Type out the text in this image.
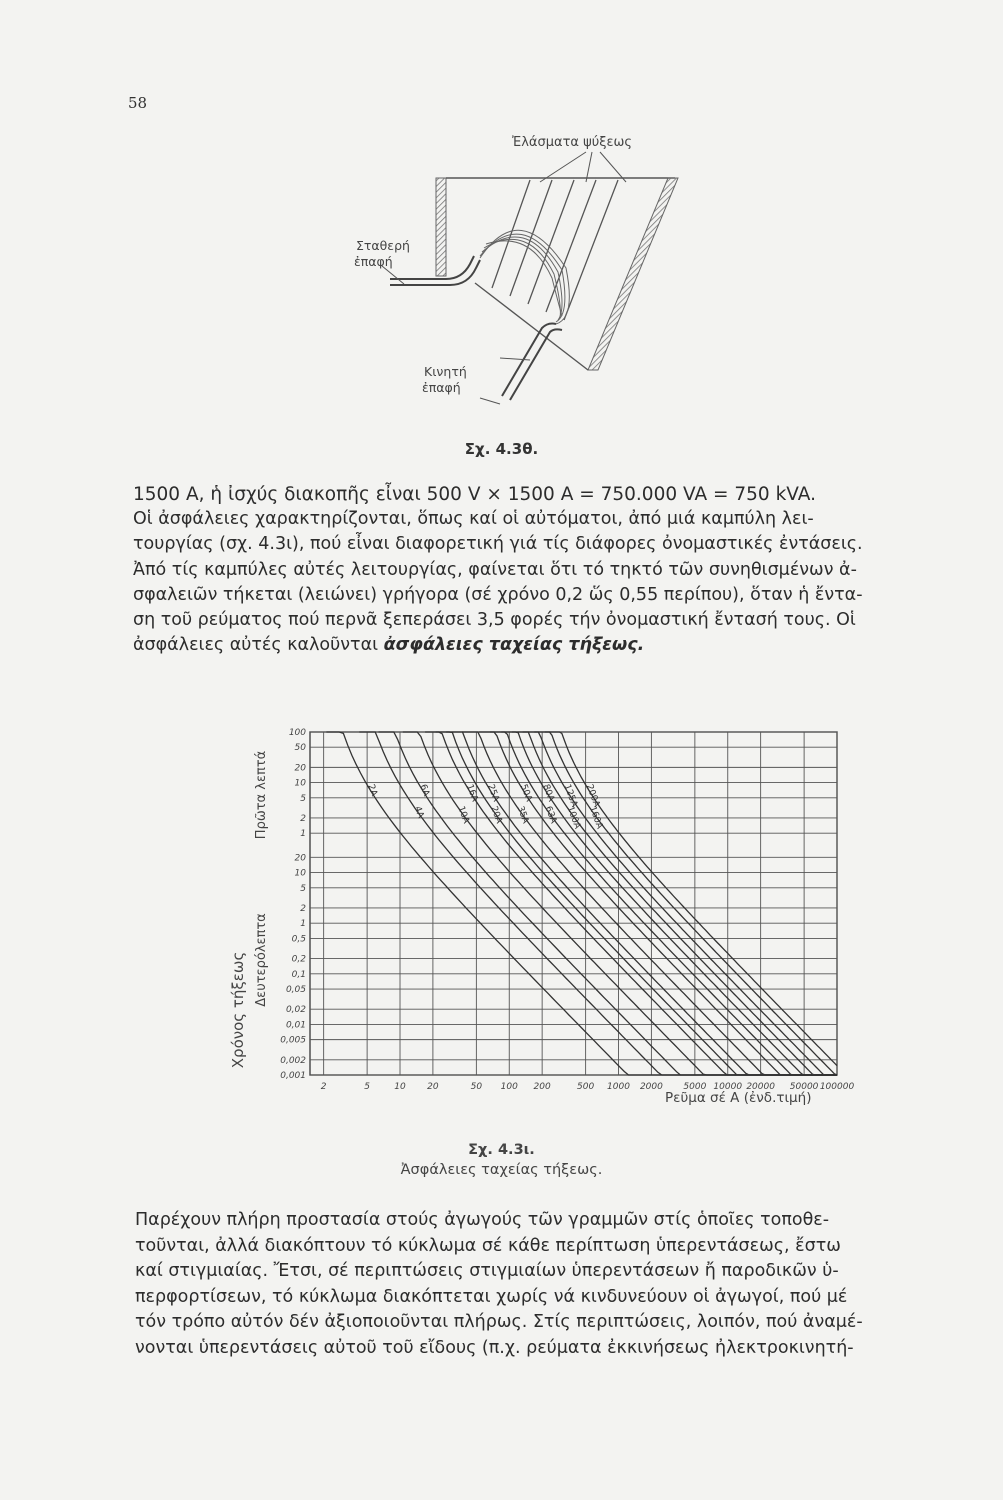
58
Ἐλάσματα ψύξεως
Σταθερή
ἐπαφή
Κινητή
ἐπαφή
Σχ. 4.3θ.
1500 A, ἡ ἰσχύς διακοπῆς εἶναι 500 V × 1500 A = 750.000 VA = 750 kVA.
Οἱ ἀσφάλειες χαρακτηρίζονται, ὅπως καί οἱ αὐτόματοι, ἀπό μιά καμπύλη λει-
τουργίας (σχ. 4.3ι), πού εἶναι διαφορετική γιά τίς διάφορες ὀνομαστικές ἐντάσεις.
Ἀπό τίς καμπύλες αὐτές λειτουργίας, φαίνεται ὅτι τό τηκτό τῶν συνηθισμένων ἀ-
σφαλειῶν τήκεται (λειώνει) γρήγορα (σέ χρόνο 0,2 ὥς 0,55 περίπου), ὅταν ἡ ἔντα-
ση τοῦ ρεύματος πού περνᾶ ξεπεράσει 3,5 φορές τήν ὀνομαστική ἔντασή τους. Οἱ
ἀσφάλειες αὐτές καλοῦνται ἀσφάλειες ταχείας τήξεως.
2	5	10 20	50 100 200	500 1000 2000 5000 10000 20000 50000 100000
100
50
20
10
5
2
1
20
10
5
2
1
0,5
0,2
0,1
0,05
0,02
0,01
0,005
0,002
0,001
2A
4A
6A
10A
16A
20A
25A
35A
50A
63A
80A
100A
125A
160A
200A
Χρόνος τήξεως
Πρῶτα λεπτά
Δευτερόλεπτα
Ρεῦμα σέ A (ἐνδ.τιμή)
Σχ. 4.3ι.
Ἀσφάλειες ταχείας τήξεως.
Παρέχουν πλήρη προστασία στούς ἀγωγούς τῶν γραμμῶν στίς ὁποῖες τοποθε-
τοῦνται, ἀλλά διακόπτουν τό κύκλωμα σέ κάθε περίπτωση ὑπερεντάσεως, ἔστω
καί στιγμιαίας. Ἔτσι, σέ περιπτώσεις στιγμιαίων ὑπερεντάσεων ἤ παροδικῶν ὑ-
περφορτίσεων, τό κύκλωμα διακόπτεται χωρίς νά κινδυνεύουν οἱ ἀγωγοί, πού μέ
τόν τρόπο αὐτόν δέν ἀξιοποιοῦνται πλήρως. Στίς περιπτώσεις, λοιπόν, πού ἀναμέ-
νονται ὑπερεντάσεις αὐτοῦ τοῦ εἴδους (π.χ. ρεύματα ἐκκινήσεως ἠλεκτροκινητή-
